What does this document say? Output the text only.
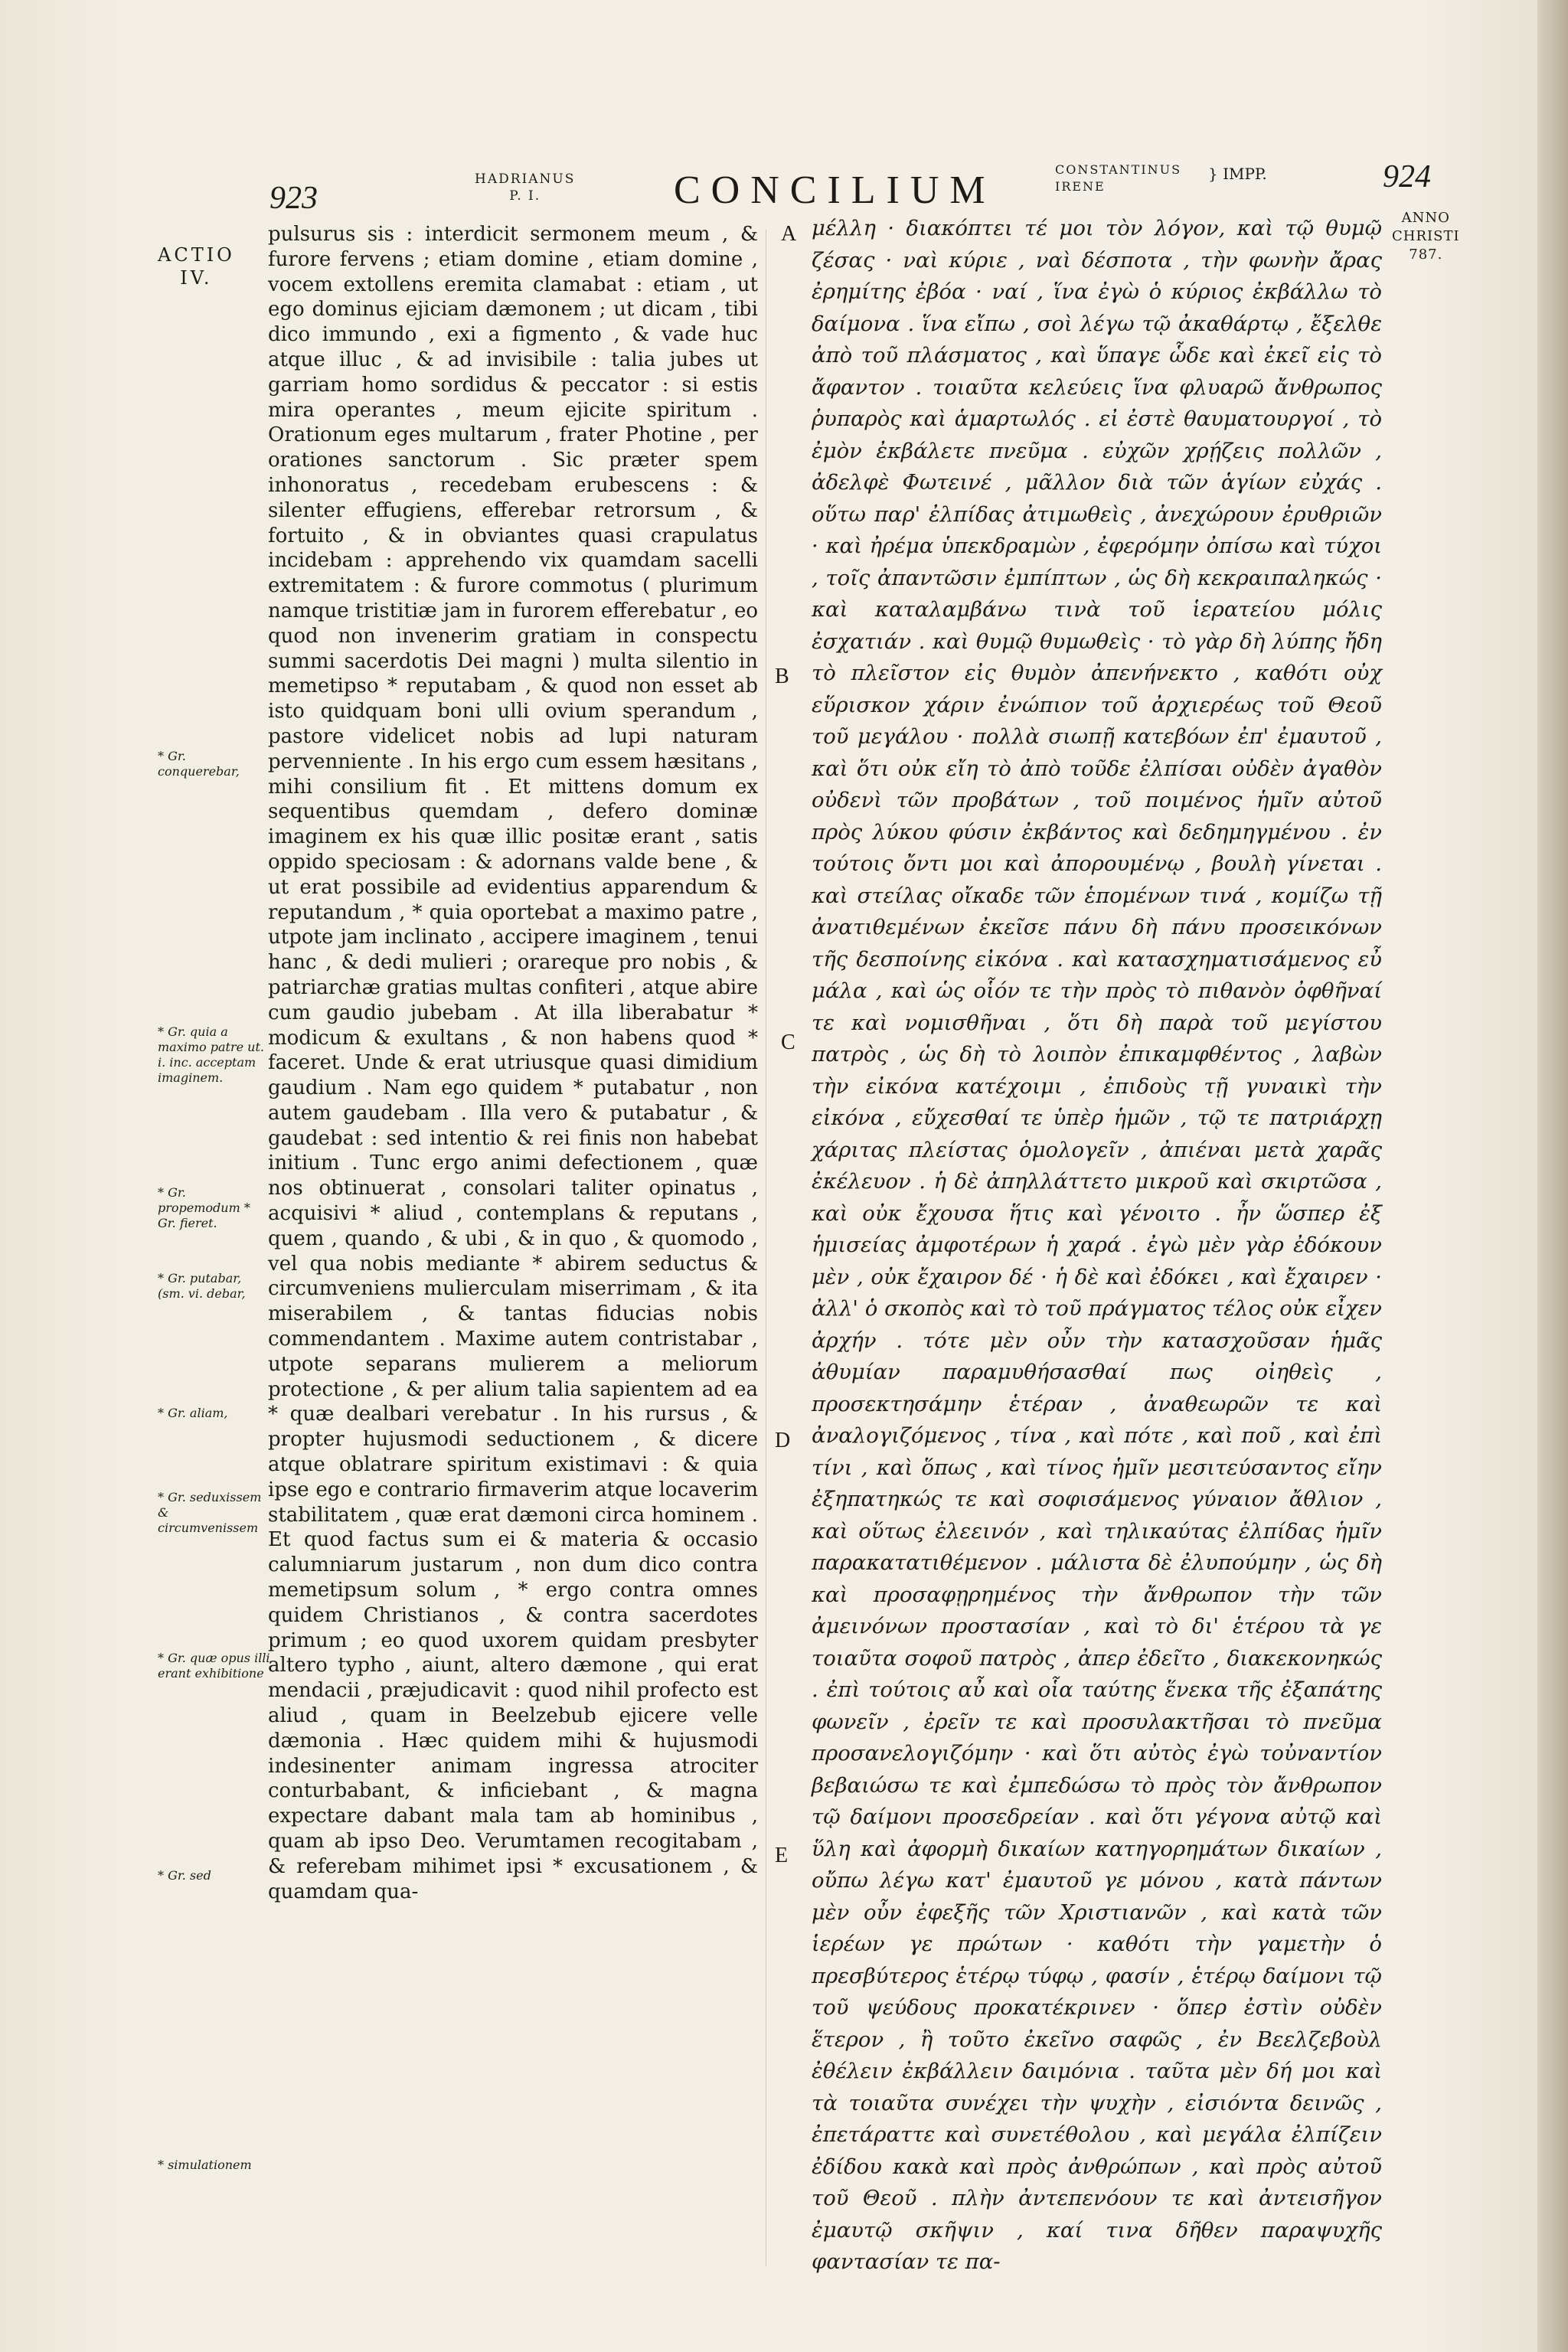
923
HADRIANUS
P. I.	CONCILIUM	CONSTANTINUS
IRENE
} IMPP.	924
ANNO
CHRISTI
787.
ACTIO
IV.
* Gr. conquerebar,
* Gr. quia a maximo patre ut. i. inc. acceptam imaginem.
* Gr. propemodum * Gr. fieret.
* Gr. putabar, (sm. vi. debar,
* Gr. aliam,
* Gr. seduxissem & circumvenissem
* Gr. quæ opus illi erant exhibitione
* Gr. sed
* simulationem

pulsurus sis : interdicit sermonem meum , & furore fervens ; etiam domine , etiam domine , vocem extollens eremita clamabat : etiam , ut ego dominus ejiciam dæmonem ; ut dicam , tibi dico immundo , exi a figmento , & vade huc atque illuc , & ad invisibile : talia jubes ut garriam homo sordidus & peccator : si estis mira operantes , meum ejicite spiritum . Orationum eges multarum , frater Photine , per orationes sanctorum . Sic præter spem inhonoratus , recedebam erubescens : & silenter effugiens, efferebar retrorsum , & fortuito , & in obviantes quasi crapulatus incidebam : apprehendo vix quamdam sacelli extremitatem : & furore commotus ( plurimum namque tristitiæ jam in furorem efferebatur , eo quod non invenerim gratiam in conspectu summi sacerdotis Dei magni ) multa silentio in memetipso * reputabam , & quod non esset ab isto quidquam boni ulli ovium sperandum , pastore videlicet nobis ad lupi naturam pervenniente . In his ergo cum essem hæsitans , mihi consilium fit . Et mittens domum ex sequentibus quemdam , defero dominæ imaginem ex his quæ illic positæ erant , satis oppido speciosam : & adornans valde bene , & ut erat possibile ad evidentius apparendum & reputandum , * quia oportebat a maximo patre , utpote jam inclinato , accipere imaginem , tenui hanc , & dedi mulieri ; orareque pro nobis , & patriarchæ gratias multas confiteri , atque abire cum gaudio jubebam . At illa liberabatur * modicum & exultans , & non habens quod * faceret. Unde & erat utriusque quasi dimidium gaudium . Nam ego quidem * putabatur , non autem gaudebam . Illa vero & putabatur , & gaudebat : sed intentio & rei finis non habebat initium . Tunc ergo animi defectionem , quæ nos obtinuerat , consolari taliter opinatus , acquisivi * aliud , contemplans & reputans , quem , quando , & ubi , & in quo , & quomodo , vel qua nobis mediante * abirem seductus & circumveniens mulierculam miserrimam , & ita miserabilem , & tantas fiducias nobis commendantem . Maxime autem contristabar , utpote separans mulierem a meliorum protectione , & per alium talia sapientem ad ea * quæ dealbari verebatur . In his rursus , & propter hujusmodi seductionem , & dicere atque oblatrare spiritum existimavi : & quia ipse ego e contrario firmaverim atque locaverim stabilitatem , quæ erat dæmoni circa hominem . Et quod factus sum ei & materia & occasio calumniarum justarum , non dum dico contra memetipsum solum , * ergo contra omnes quidem Christianos , & contra sacerdotes primum ; eo quod uxorem quidam presbyter altero typho , aiunt, altero dæmone , qui erat mendacii , præjudicavit : quod nihil profecto est aliud , quam in Beelzebub ejicere velle dæmonia . Hæc quidem mihi & hujusmodi indesinenter animam ingressa atrociter conturbabant, & inficiebant , & magna expectare dabant mala tam ab hominibus , quam ab ipso Deo. Verumtamen recogitabam , & referebam mihimet ipsi * excusationem , & quamdam qua-

A
B
C
D
E

μέλλη · διακόπτει τέ μοι τὸν λόγον, καὶ τῷ θυμῷ ζέσας · ναὶ κύριε , ναὶ δέσποτα , τὴν φωνὴν ἄρας ἐρημίτης ἐβόα · ναί , ἵνα ἐγὼ ὁ κύριος ἐκβάλλω τὸ δαίμονα . ἵνα εἴπω , σοὶ λέγω τῷ ἀκαθάρτῳ , ἔξελθε ἀπὸ τοῦ πλάσματος , καὶ ὕπαγε ὧδε καὶ ἐκεῖ εἰς τὸ ἄφαντον . τοιαῦτα κελεύεις ἵνα φλυαρῶ ἄνθρωπος ῥυπαρὸς καὶ ἁμαρτωλός . εἰ ἐστὲ θαυματουργοί , τὸ ἐμὸν ἐκβάλετε πνεῦμα . εὐχῶν χρῄζεις πολλῶν , ἀδελφὲ Φωτεινέ , μᾶλλον διὰ τῶν ἁγίων εὐχάς . οὕτω παρ' ἐλπίδας ἀτιμωθεὶς , ἀνεχώρουν ἐρυθριῶν · καὶ ἠρέμα ὑπεκδραμὼν , ἐφερόμην ὀπίσω καὶ τύχοι , τοῖς ἀπαντῶσιν ἐμπίπτων , ὡς δὴ κεκραιπαληκώς · καὶ καταλαμβάνω τινὰ τοῦ ἱερατείου μόλις ἐσχατιάν . καὶ θυμῷ θυμωθεὶς · τὸ γὰρ δὴ λύπης ἤδη τὸ πλεῖστον εἰς θυμὸν ἀπενήνεκτο , καθότι οὐχ εὕρισκον χάριν ἐνώπιον τοῦ ἀρχιερέως τοῦ Θεοῦ τοῦ μεγάλου · πολλὰ σιωπῇ κατεβόων ἐπ' ἐμαυτοῦ , καὶ ὅτι οὐκ εἴη τὸ ἀπὸ τοῦδε ἐλπίσαι οὐδὲν ἀγαθὸν οὐδενὶ τῶν προβάτων , τοῦ ποιμένος ἡμῖν αὐτοῦ πρὸς λύκου φύσιν ἐκβάντος καὶ δεδημηγμένου . ἐν τούτοις ὄντι μοι καὶ ἀπορουμένῳ , βουλὴ γίνεται . καὶ στείλας οἴκαδε τῶν ἑπομένων τινά , κομίζω τῇ ἀνατιθεμένων ἐκεῖσε πάνυ δὴ πάνυ προσεικόνων τῆς δεσποίνης εἰκόνα . καὶ κατασχηματισάμενος εὖ μάλα , καὶ ὡς οἷόν τε τὴν πρὸς τὸ πιθανὸν ὀφθῆναί τε καὶ νομισθῆναι , ὅτι δὴ παρὰ τοῦ μεγίστου πατρὸς , ὡς δὴ τὸ λοιπὸν ἐπικαμφθέντος , λαβὼν τὴν εἰκόνα κατέχοιμι , ἐπιδοὺς τῇ γυναικὶ τὴν εἰκόνα , εὔχεσθαί τε ὑπὲρ ἡμῶν , τῷ τε πατριάρχῃ χάριτας πλείστας ὁμολογεῖν , ἀπιέναι μετὰ χαρᾶς ἐκέλευον . ἡ δὲ ἀπηλλάττετο μικροῦ καὶ σκιρτῶσα , καὶ οὐκ ἔχουσα ἥτις καὶ γένοιτο . ἦν ὥσπερ ἐξ ἡμισείας ἀμφοτέρων ἡ χαρά . ἐγὼ μὲν γὰρ ἐδόκουν μὲν , οὐκ ἔχαιρον δέ · ἡ δὲ καὶ ἐδόκει , καὶ ἔχαιρεν · ἀλλ' ὁ σκοπὸς καὶ τὸ τοῦ πράγματος τέλος οὐκ εἶχεν ἀρχήν . τότε μὲν οὖν τὴν κατασχοῦσαν ἡμᾶς ἀθυμίαν παραμυθήσασθαί πως οἰηθεὶς , προσεκτησάμην ἑτέραν , ἀναθεωρῶν τε καὶ ἀναλογιζόμενος , τίνα , καὶ πότε , καὶ ποῦ , καὶ ἐπὶ τίνι , καὶ ὅπως , καὶ τίνος ἡμῖν μεσιτεύσαντος εἴην ἐξηπατηκώς τε καὶ σοφισάμενος γύναιον ἄθλιον , καὶ οὕτως ἐλεεινόν , καὶ τηλικαύτας ἐλπίδας ἡμῖν παρακατατιθέμενον . μάλιστα δὲ ἐλυπούμην , ὡς δὴ καὶ προσαφῃρημένος τὴν ἄνθρωπον τὴν τῶν ἀμεινόνων προστασίαν , καὶ τὸ δι' ἑτέρου τὰ γε τοιαῦτα σοφοῦ πατρὸς , ἀπερ ἐδεῖτο , διακεκονηκώς . ἐπὶ τούτοις αὖ καὶ οἷα ταύτης ἕνεκα τῆς ἐξαπάτης φωνεῖν , ἐρεῖν τε καὶ προσυλακτῆσαι τὸ πνεῦμα προσανελογιζόμην · καὶ ὅτι αὐτὸς ἐγὼ τοὐναντίον βεβαιώσω τε καὶ ἐμπεδώσω τὸ πρὸς τὸν ἄνθρωπον τῷ δαίμονι προσεδρείαν . καὶ ὅτι γέγονα αὐτῷ καὶ ὕλη καὶ ἀφορμὴ δικαίων κατηγορημάτων δικαίων , οὔπω λέγω κατ' ἐμαυτοῦ γε μόνου , κατὰ πάντων μὲν οὖν ἐφεξῆς τῶν Χριστιανῶν , καὶ κατὰ τῶν ἱερέων γε πρώτων · καθότι τὴν γαμετὴν ὁ πρεσβύτερος ἑτέρῳ τύφῳ , φασίν , ἑτέρῳ δαίμονι τῷ τοῦ ψεύδους προκατέκρινεν · ὅπερ ἐστὶν οὐδὲν ἕτερον , ἢ τοῦτο ἐκεῖνο σαφῶς , ἐν Βεελζεβοὺλ ἐθέλειν ἐκβάλλειν δαιμόνια . ταῦτα μὲν δή μοι καὶ τὰ τοιαῦτα συνέχει τὴν ψυχὴν , εἰσιόντα δεινῶς , ἐπετάραττε καὶ συνετέθολου , καὶ μεγάλα ἐλπίζειν ἐδίδου κακὰ καὶ πρὸς ἀνθρώπων , καὶ πρὸς αὐτοῦ τοῦ Θεοῦ . πλὴν ἀντεπενόουν τε καὶ ἀντεισῆγον ἐμαυτῷ σκῆψιν , καί τινα δῆθεν παραψυχῆς φαντασίαν τε πα-
